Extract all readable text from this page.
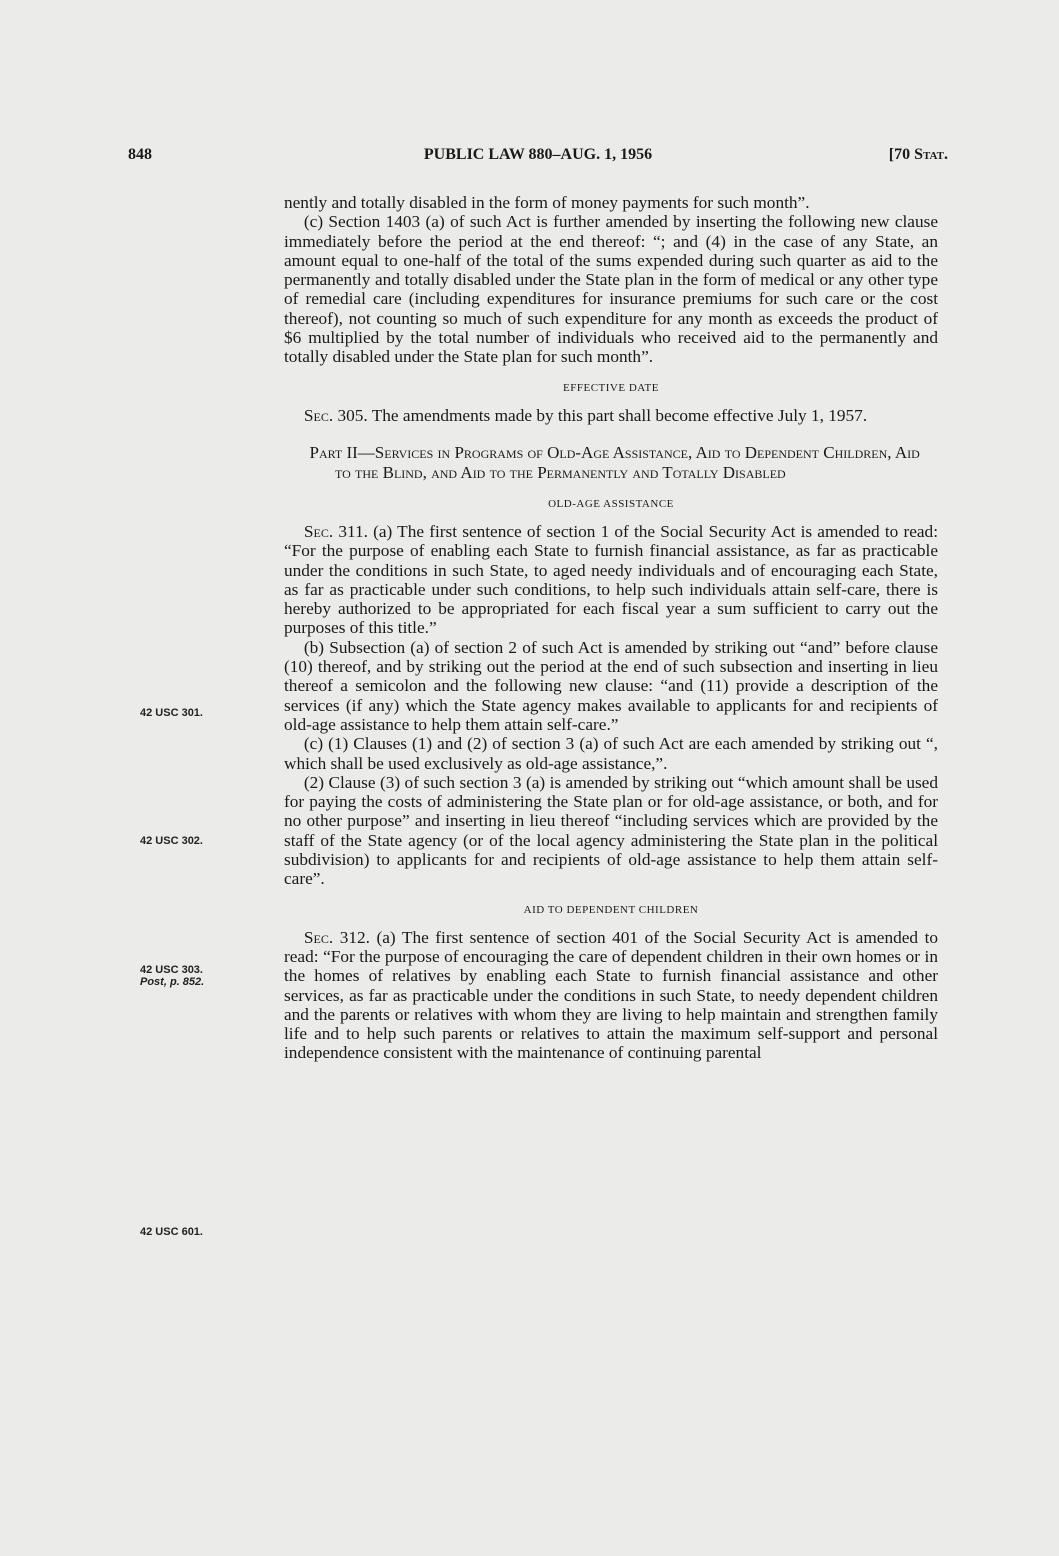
848	PUBLIC LAW 880–AUG. 1, 1956	[70 Stat.
42 USC 301.
42 USC 302.
42 USC 303.
Post, p. 852.
42 USC 601.

nently and totally disabled in the form of money payments for such month”.

(c) Section 1403 (a) of such Act is further amended by inserting the following new clause immediately before the period at the end thereof: “; and (4) in the case of any State, an amount equal to one-half of the total of the sums expended during such quarter as aid to the permanently and totally disabled under the State plan in the form of medical or any other type of remedial care (including expenditures for insurance premiums for such care or the cost thereof), not counting so much of such expenditure for any month as exceeds the product of $6 multiplied by the total number of individuals who received aid to the permanently and totally disabled under the State plan for such month”.

EFFECTIVE DATE

Sec. 305. The amendments made by this part shall become effective July 1, 1957.

Part II—Services in Programs of Old-Age Assistance, Aid to Dependent Children, Aid to the Blind, and Aid to the Permanently and Totally Disabled
OLD-AGE ASSISTANCE

Sec. 311. (a) The first sentence of section 1 of the Social Security Act is amended to read: “For the purpose of enabling each State to furnish financial assistance, as far as practicable under the conditions in such State, to aged needy individuals and of encouraging each State, as far as practicable under such conditions, to help such individuals attain self-care, there is hereby authorized to be appropriated for each fiscal year a sum sufficient to carry out the purposes of this title.”

(b) Subsection (a) of section 2 of such Act is amended by striking out “and” before clause (10) thereof, and by striking out the period at the end of such subsection and inserting in lieu thereof a semicolon and the following new clause: “and (11) provide a description of the services (if any) which the State agency makes available to applicants for and recipients of old-age assistance to help them attain self-care.”

(c) (1) Clauses (1) and (2) of section 3 (a) of such Act are each amended by striking out “, which shall be used exclusively as old-age assistance,”.

(2) Clause (3) of such section 3 (a) is amended by striking out “which amount shall be used for paying the costs of administering the State plan or for old-age assistance, or both, and for no other purpose” and inserting in lieu thereof “including services which are provided by the staff of the State agency (or of the local agency administering the State plan in the political subdivision) to applicants for and recipients of old-age assistance to help them attain self-care”.

AID TO DEPENDENT CHILDREN

Sec. 312. (a) The first sentence of section 401 of the Social Security Act is amended to read: “For the purpose of encouraging the care of dependent children in their own homes or in the homes of relatives by enabling each State to furnish financial assistance and other services, as far as practicable under the conditions in such State, to needy dependent children and the parents or relatives with whom they are living to help maintain and strengthen family life and to help such parents or relatives to attain the maximum self-support and personal independence consistent with the maintenance of continuing parental
